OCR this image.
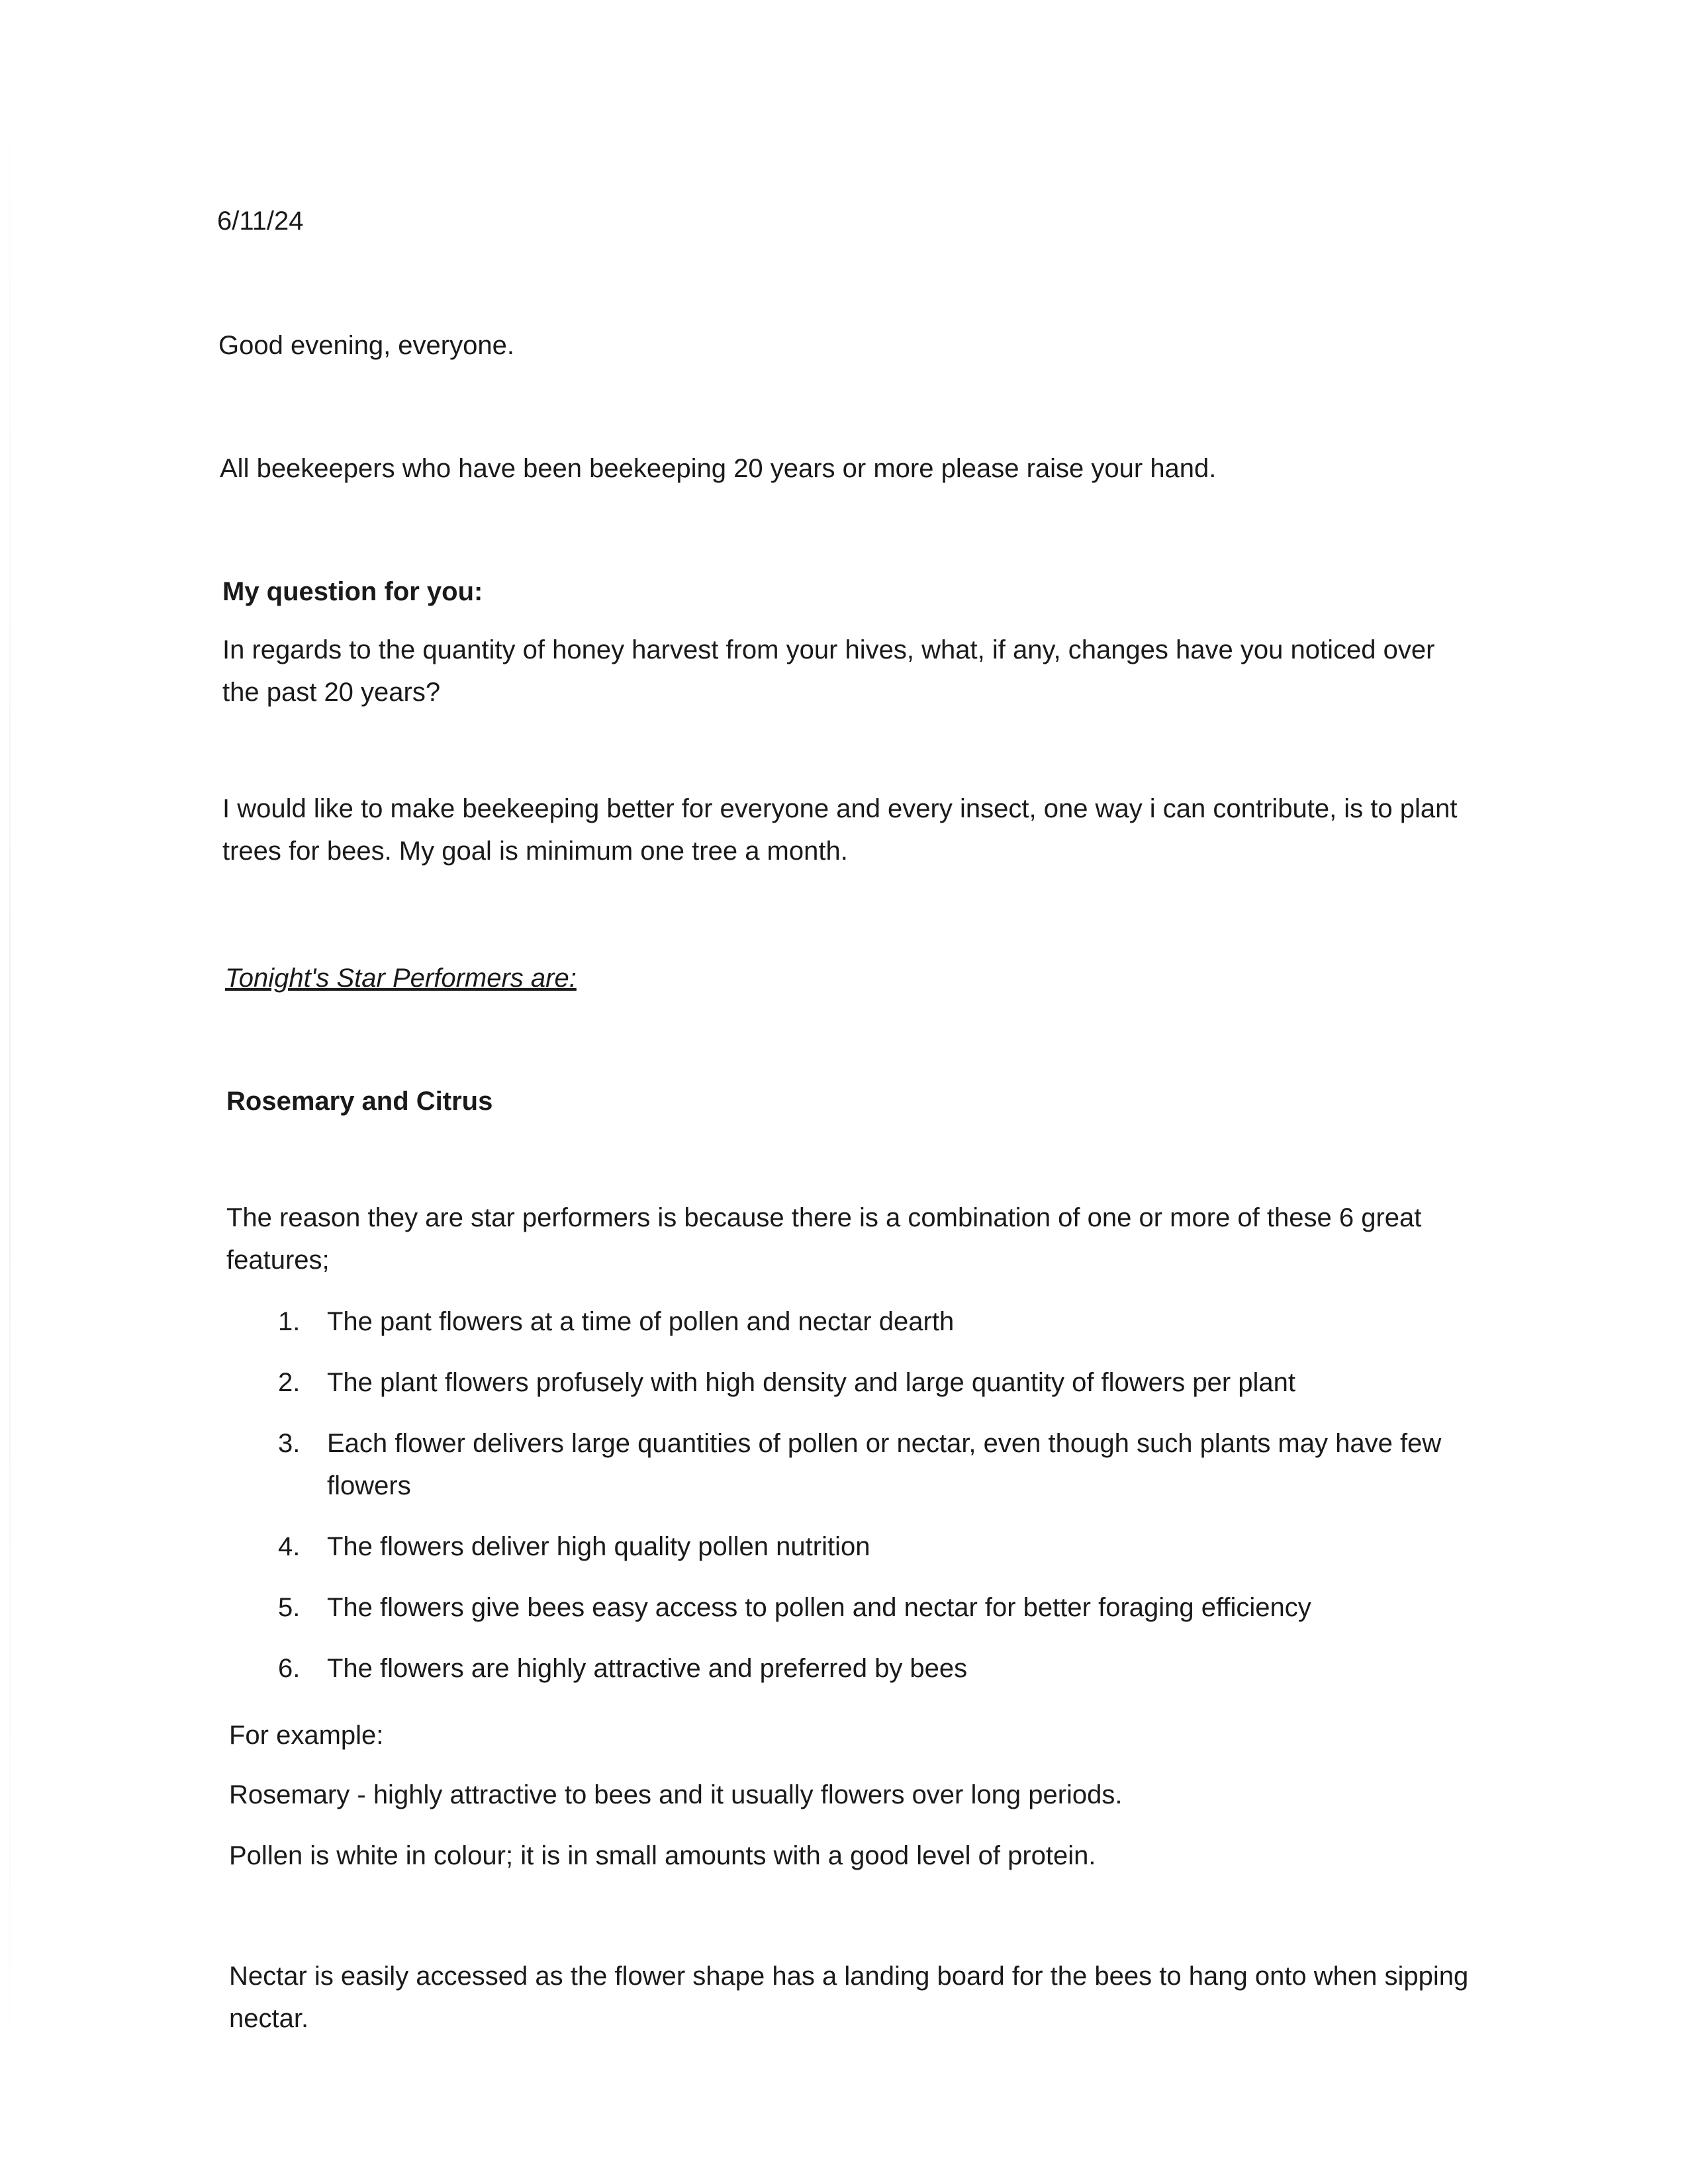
6/11/24
Good evening, everyone.
All beekeepers who have been beekeeping 20 years or more please raise your hand.
My question for you:
In regards to the quantity of honey harvest from your hives, what, if any, changes have you noticed over the past 20 years?
I would like to make beekeeping better for everyone and every insect, one way i can contribute, is to plant trees for bees. My goal is minimum one tree a month.
Tonight's Star Performers are:
Rosemary and Citrus
The reason they are star performers is because there is a combination of one or more of these 6 great features;
1. The pant flowers at a time of pollen and nectar dearth
2. The plant flowers profusely with high density and large quantity of flowers per plant
3. Each flower delivers large quantities of pollen or nectar, even though such plants may have few flowers
4. The flowers deliver high quality pollen nutrition
5. The flowers give bees easy access to pollen and nectar for better foraging efficiency
6. The flowers are highly attractive and preferred by bees
For example:
Rosemary - highly attractive to bees and it usually flowers over long periods.
Pollen is white in colour; it is in small amounts with a good level of protein.
Nectar is easily accessed as the flower shape has a landing board for the bees to hang onto when sipping nectar.
